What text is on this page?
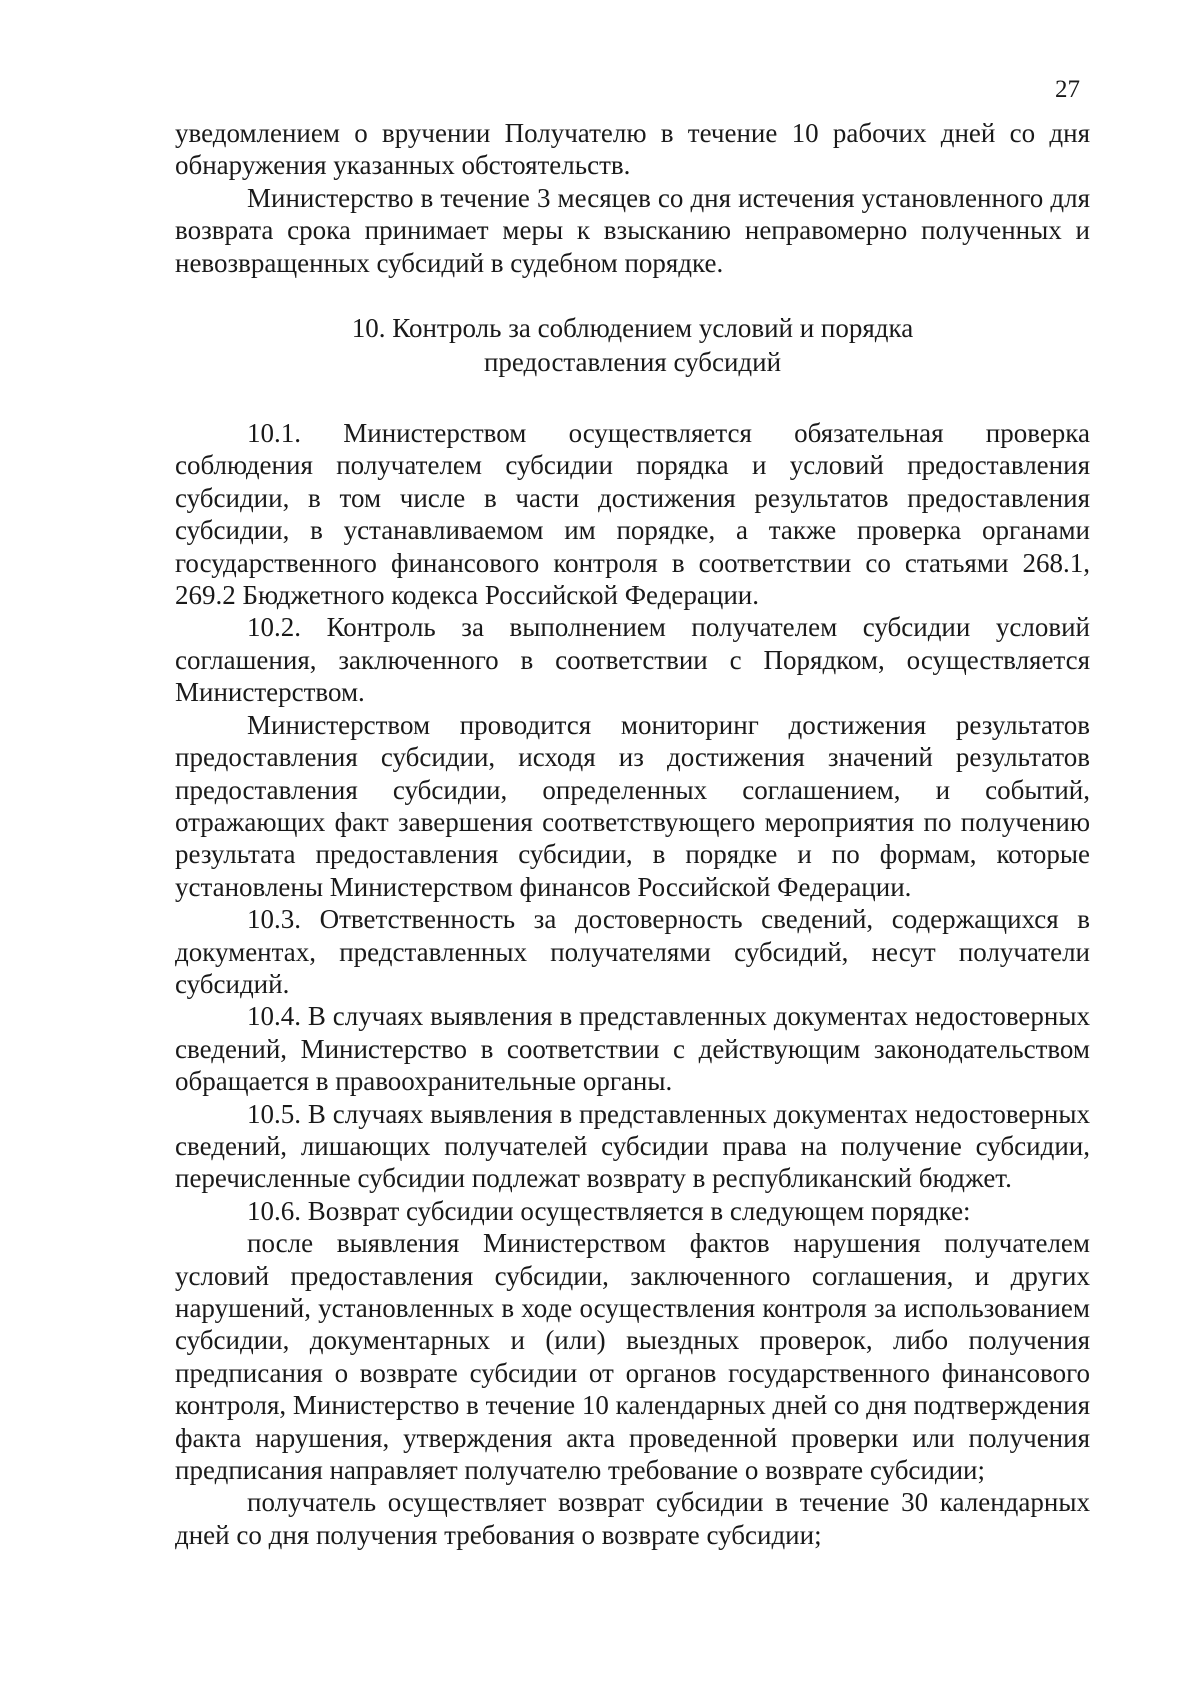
27

уведомлением о вручении Получателю в течение 10 рабочих дней со дня обнаружения указанных обстоятельств.

Министерство в течение 3 месяцев со дня истечения установленного для возврата срока принимает меры к взысканию неправомерно полученных и невозвращенных субсидий в судебном порядке.

10. Контроль за соблюдением условий и порядка
предоставления субсидий

10.1. Министерством осуществляется обязательная проверка соблюдения получателем субсидии порядка и условий предоставления субсидии, в том числе в части достижения результатов предоставления субсидии, в устанавливаемом им порядке, а также проверка органами государственного финансового контроля в соответствии со статьями 268.1, 269.2 Бюджетного кодекса Российской Федерации.

10.2. Контроль за выполнением получателем субсидии условий соглашения, заключенного в соответствии с Порядком, осуществляется Министерством.

Министерством проводится мониторинг достижения результатов предоставления субсидии, исходя из достижения значений результатов предоставления субсидии, определенных соглашением, и событий, отражающих факт завершения соответствующего мероприятия по получению результата предоставления субсидии, в порядке и по формам, которые установлены Министерством финансов Российской Федерации.

10.3. Ответственность за достоверность сведений, содержащихся в документах, представленных получателями субсидий, несут получатели субсидий.

10.4. В случаях выявления в представленных документах недостоверных сведений, Министерство в соответствии с действующим законодательством обращается в правоохранительные органы.

10.5. В случаях выявления в представленных документах недостоверных сведений, лишающих получателей субсидии права на получение субсидии, перечисленные субсидии подлежат возврату в республиканский бюджет.

10.6. Возврат субсидии осуществляется в следующем порядке:

после выявления Министерством фактов нарушения получателем условий предоставления субсидии, заключенного соглашения, и других нарушений, установленных в ходе осуществления контроля за использованием субсидии, документарных и (или) выездных проверок, либо получения предписания о возврате субсидии от органов государственного финансового контроля, Министерство в течение 10 календарных дней со дня подтверждения факта нарушения, утверждения акта проведенной проверки или получения предписания направляет получателю требование о возврате субсидии;

получатель осуществляет возврат субсидии в течение 30 календарных дней со дня получения требования о возврате субсидии;
